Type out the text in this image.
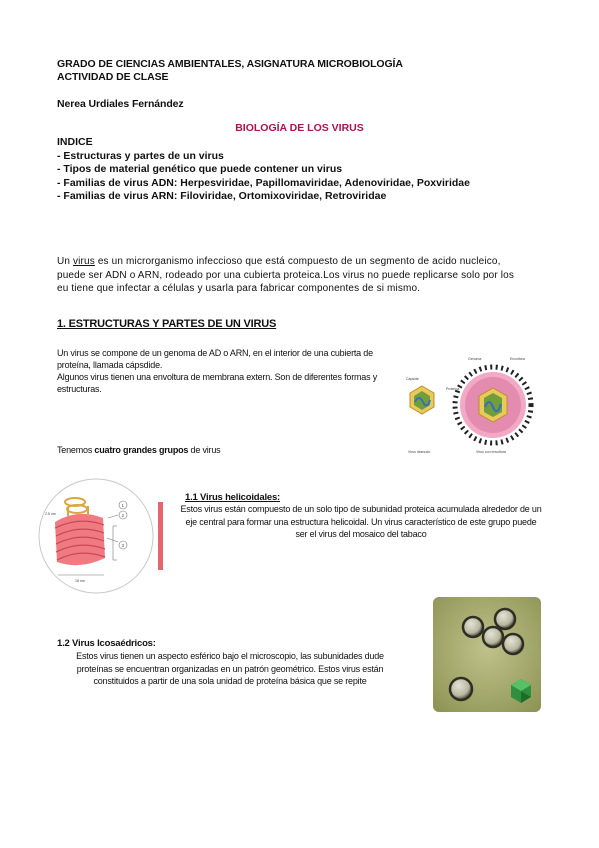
GRADO DE CIENCIAS AMBIENTALES, ASIGNATURA MICROBIOLOGÍA
ACTIVIDAD DE CLASE
Nerea Urdiales Fernández
BIOLOGÍA DE LOS VIRUS
INDICE
- Estructuras y partes de un virus
- Tipos de material genético que puede contener un virus
- Familias de virus ADN: Herpesviridae, Papillomaviridae, Adenoviridae, Poxviridae
- Familias de virus ARN: Filoviridae, Ortomixoviridae, Retroviridae

Un virus es un microrganismo infeccioso que está compuesto de un segmento de acido nucleico, puede ser ADN o ARN, rodeado por una cubierta proteica.Los virus no puede replicarse solo por los eu tiene que infectar a células y usarla para fabricar componentes de si mismo.

1. ESTRUCTURAS Y PARTES DE UN VIRUS
Un virus se compone de un genoma de AD o ARN, en el interior de una cubierta de proteína, llamada cápsdide.
Algunos virus tienen una envoltura de membrana extern. Son de diferentes formas y estructuras.
Cápside
Genoma	Envoltura
Proteína
Virus desnudo	Virus con envoltura
Tenemos cuatro grandes grupos de virus
1
2
3
2,5 nm
18 nm
1.1 Virus helicoidales:
Estos virus están compuesto de un solo tipo de subunidad proteica acumulada alrededor de un eje central para formar una estructura helicoidal. Un virus característico de este grupo puede ser el virus del mosaico del tabaco
1.2 Virus Icosaédricos:
Estos virus tienen un aspecto esférico bajo el microscopio, las subunidades dude proteínas se encuentran organizadas en un patrón geométrico. Estos virus están constituidos a partir de una sola unidad de proteína básica que se repite
